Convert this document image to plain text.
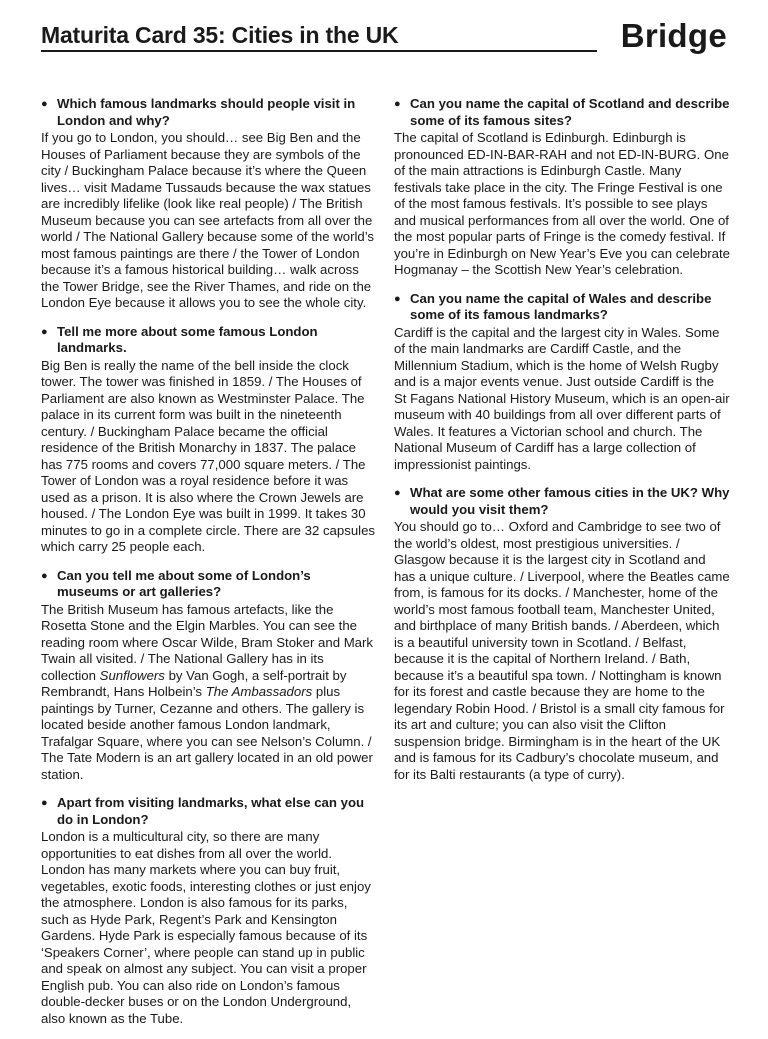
Maturita Card 35: Cities in the UK	Bridge
● Which famous landmarks should people visit in London and why?

If you go to London, you should… see Big Ben and the Houses of Parliament because they are symbols of the city / Buckingham Palace because it’s where the Queen lives… visit Madame Tussauds because the wax statues are incredibly lifelike (look like real people) / The British Museum because you can see artefacts from all over the world / The National Gallery because some of the world’s most famous paintings are there / the Tower of London because it’s a famous historical building… walk across the Tower Bridge, see the River Thames, and ride on the London Eye because it allows you to see the whole city.

● Tell me more about some famous London landmarks.

Big Ben is really the name of the bell inside the clock tower. The tower was finished in 1859. / The Houses of Parliament are also known as Westminster Palace. The palace in its current form was built in the nineteenth century. / Buckingham Palace became the official residence of the British Monarchy in 1837. The palace has 775 rooms and covers 77,000 square meters. / The Tower of London was a royal residence before it was used as a prison. It is also where the Crown Jewels are housed. / The London Eye was built in 1999. It takes 30 minutes to go in a complete circle. There are 32 capsules which carry 25 people each.

● Can you tell me about some of London’s museums or art galleries?

The British Museum has famous artefacts, like the Rosetta Stone and the Elgin Marbles. You can see the reading room where Oscar Wilde, Bram Stoker and Mark Twain all visited. / The National Gallery has in its collection Sunflowers by Van Gogh, a self-portrait by Rembrandt, Hans Holbein’s The Ambassadors plus paintings by Turner, Cezanne and others. The gallery is located beside another famous London landmark, Trafalgar Square, where you can see Nelson’s Column. / The Tate Modern is an art gallery located in an old power station.

● Apart from visiting landmarks, what else can you do in London?

London is a multicultural city, so there are many opportunities to eat dishes from all over the world. London has many markets where you can buy fruit, vegetables, exotic foods, interesting clothes or just enjoy the atmosphere. London is also famous for its parks, such as Hyde Park, Regent’s Park and Kensington Gardens. Hyde Park is especially famous because of its ‘Speakers Corner’, where people can stand up in public and speak on almost any subject. You can visit a proper English pub. You can also ride on London’s famous double-decker buses or on the London Underground, also known as the Tube.

● Can you name the capital of Scotland and describe some of its famous sites?

The capital of Scotland is Edinburgh. Edinburgh is pronounced ED-IN-BAR-RAH and not ED-IN-BURG. One of the main attractions is Edinburgh Castle. Many festivals take place in the city. The Fringe Festival is one of the most famous festivals. It’s possible to see plays and musical performances from all over the world. One of the most popular parts of Fringe is the comedy festival. If you’re in Edinburgh on New Year’s Eve you can celebrate Hogmanay – the Scottish New Year’s celebration.

● Can you name the capital of Wales and describe some of its famous landmarks?

Cardiff is the capital and the largest city in Wales. Some of the main landmarks are Cardiff Castle, and the Millennium Stadium, which is the home of Welsh Rugby and is a major events venue. Just outside Cardiff is the St Fagans National History Museum, which is an open-air museum with 40 buildings from all over different parts of Wales. It features a Victorian school and church. The National Museum of Cardiff has a large collection of impressionist paintings.

● What are some other famous cities in the UK? Why would you visit them?

You should go to… Oxford and Cambridge to see two of the world’s oldest, most prestigious universities. / Glasgow because it is the largest city in Scotland and has a unique culture. / Liverpool, where the Beatles came from, is famous for its docks. / Manchester, home of the world’s most famous football team, Manchester United, and birthplace of many British bands. / Aberdeen, which is a beautiful university town in Scotland. / Belfast, because it is the capital of Northern Ireland. / Bath, because it’s a beautiful spa town. / Nottingham is known for its forest and castle because they are home to the legendary Robin Hood. / Bristol is a small city famous for its art and culture; you can also visit the Clifton suspension bridge. Birmingham is in the heart of the UK and is famous for its Cadbury’s chocolate museum, and for its Balti restaurants (a type of curry).
